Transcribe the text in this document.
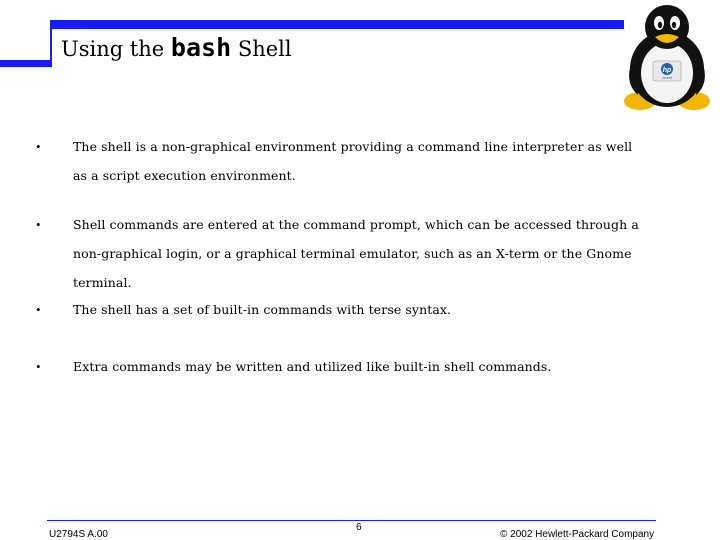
Using the bash Shell
hp
invent
•	The shell is a non-graphical environment providing a command line interpreter as well as a script execution environment.
•	Shell commands are entered at the command prompt, which can be accessed through a non-graphical login, or a graphical terminal emulator, such as an X-term or the Gnome terminal.
•	The shell has a set of built-in commands with terse syntax.
•	Extra commands may be written and utilized like built-in shell commands.
U2794S A.00
6
© 2002 Hewlett-Packard Company
